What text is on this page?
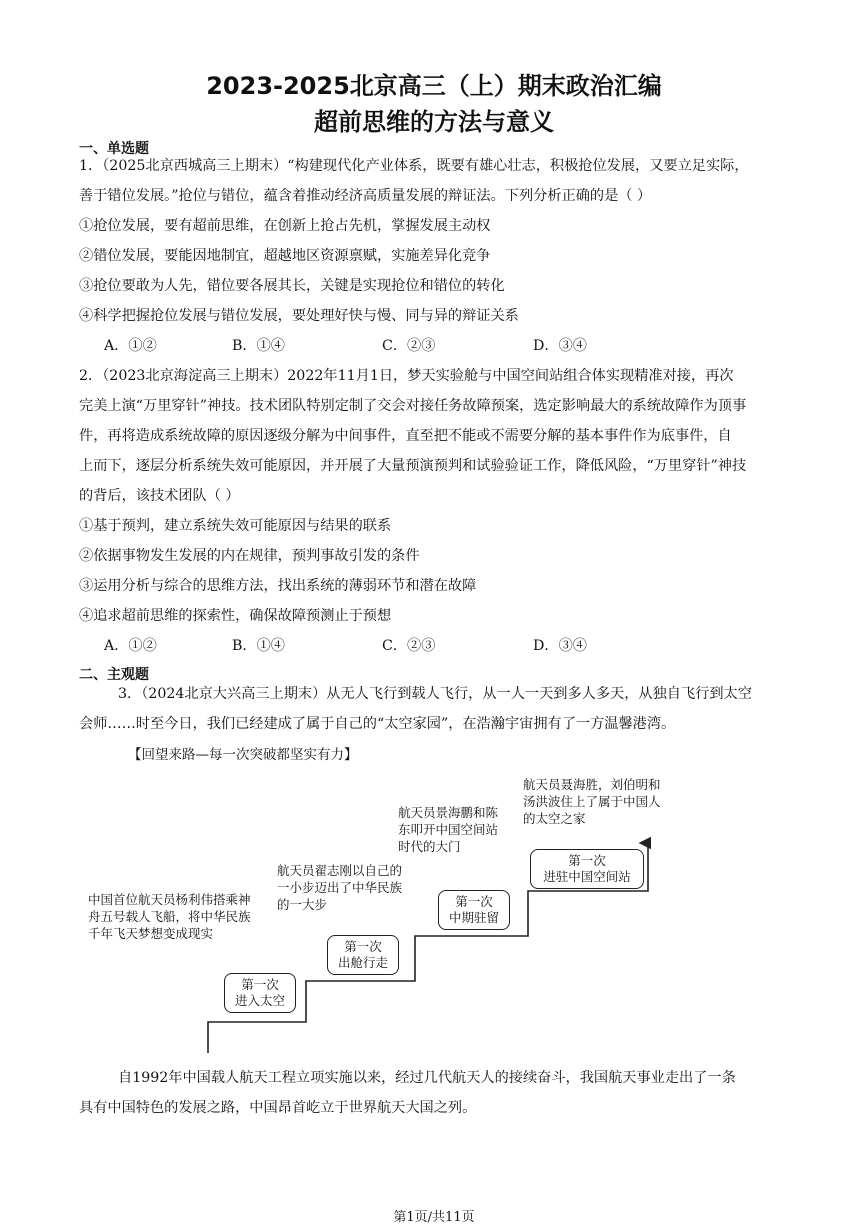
2023-2025北京高三（上）期末政治汇编
超前思维的方法与意义
一、单选题
1．（2025北京西城高三上期末）“构建现代化产业体系，既要有雄心壮志，积极抢位发展，又要立足实际，
善于错位发展。”抢位与错位，蕴含着推动经济高质量发展的辩证法。下列分析正确的是（ ）
①抢位发展，要有超前思维，在创新上抢占先机，掌握发展主动权
②错位发展，要能因地制宜，超越地区资源禀赋，实施差异化竞争
③抢位要敢为人先，错位要各展其长，关键是实现抢位和错位的转化
④科学把握抢位发展与错位发展，要处理好快与慢、同与异的辩证关系
A．①②	B．①④	C．②③	D．③④
2．（2023北京海淀高三上期末）2022年11月1日，梦天实验舱与中国空间站组合体实现精准对接，再次
完美上演“万里穿针”神技。技术团队特别定制了交会对接任务故障预案，选定影响最大的系统故障作为顶事
件，再将造成系统故障的原因逐级分解为中间事件，直至把不能或不需要分解的基本事件作为底事件，自
上而下，逐层分析系统失效可能原因，并开展了大量预演预判和试验验证工作，降低风险，“万里穿针”神技
的背后，该技术团队（ ）
①基于预判，建立系统失效可能原因与结果的联系
②依据事物发生发展的内在规律，预判事故引发的条件
③运用分析与综合的思维方法，找出系统的薄弱环节和潜在故障
④追求超前思维的探索性，确保故障预测止于预想
A．①②	B．①④	C．②③	D．③④
二、主观题
3．（2024北京大兴高三上期末）从无人飞行到载人飞行，从一人一天到多人多天，从独自飞行到太空
会师……时至今日，我们已经建成了属于自己的“太空家园”，在浩瀚宇宙拥有了一方温馨港湾。
【回望来路—每一次突破都坚实有力】
中国首位航天员杨利伟搭乘神舟五号载人飞船，将中华民族千年飞天梦想变成现实
第一次
进入太空
航天员翟志刚以自己的一小步迈出了中华民族的一大步
第一次
出舱行走
航天员景海鹏和陈东叩开中国空间站时代的大门
第一次
中期驻留
航天员聂海胜，刘伯明和汤洪波住上了属于中国人的太空之家
第一次
进驻中国空间站
自1992年中国载人航天工程立项实施以来，经过几代航天人的接续奋斗，我国航天事业走出了一条
具有中国特色的发展之路，中国昂首屹立于世界航天大国之列。
第1页/共11页
